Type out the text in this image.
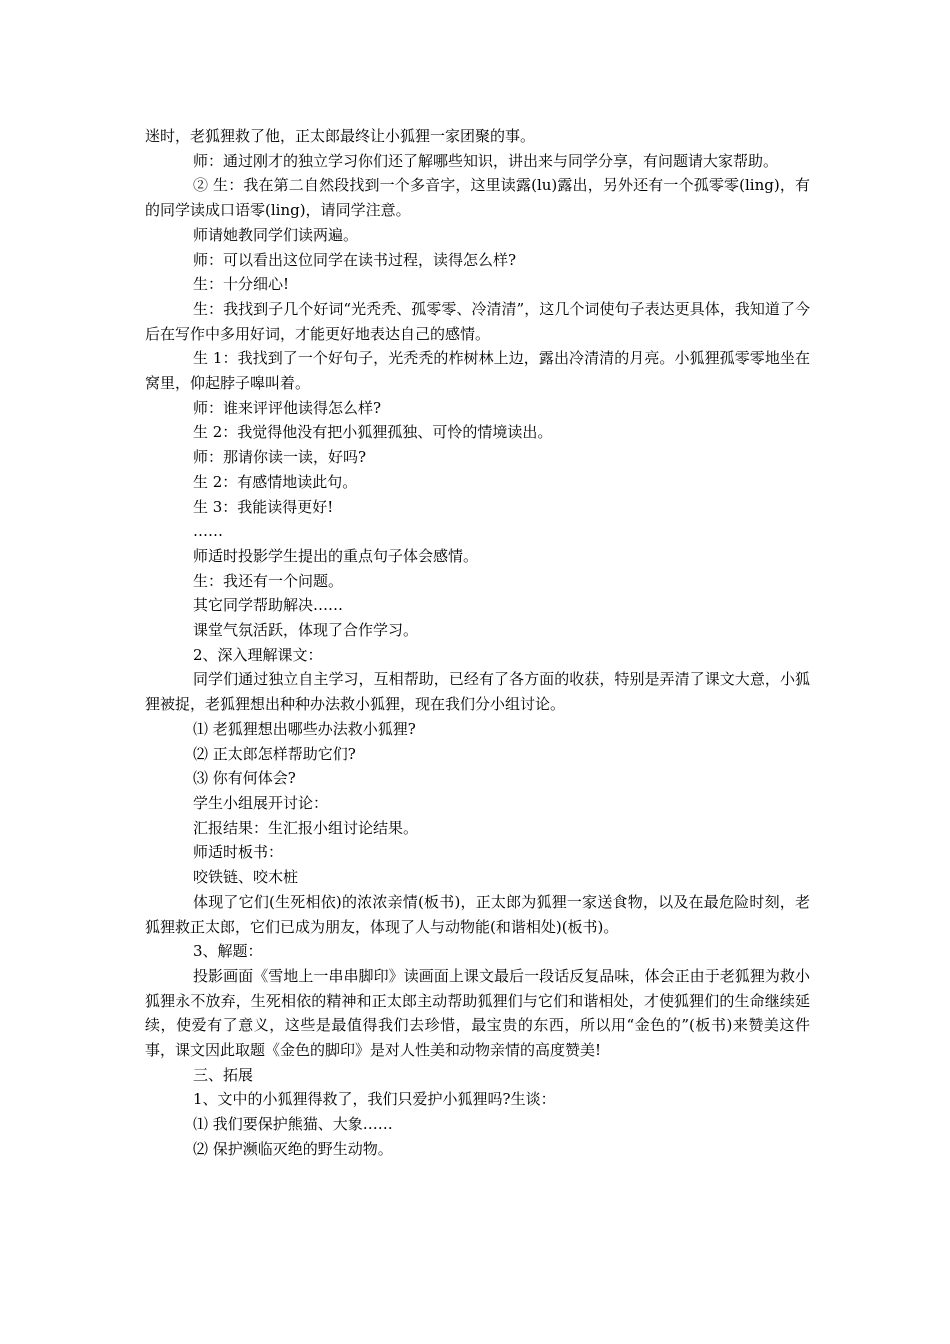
迷时，老狐狸救了他，正太郎最终让小狐狸一家团聚的事。

师：通过刚才的独立学习你们还了解哪些知识，讲出来与同学分享，有问题请大家帮助。

② 生：我在第二自然段找到一个多音字，这里读露(lu)露出，另外还有一个孤零零(ling)，有的同学读成口语零(ling)，请同学注意。

师请她教同学们读两遍。

师：可以看出这位同学在读书过程，读得怎么样?

生：十分细心!

生：我找到子几个好词“光秃秃、孤零零、冷清清”，这几个词使句子表达更具体，我知道了今后在写作中多用好词，才能更好地表达自己的感情。

生 1：我找到了一个好句子，光秃秃的柞树林上边，露出冷清清的月亮。小狐狸孤零零地坐在窝里，仰起脖子嗥叫着。

师：谁来评评他读得怎么样?

生 2：我觉得他没有把小狐狸孤独、可怜的情境读出。

师：那请你读一读，好吗?

生 2：有感情地读此句。

生 3：我能读得更好!

……

师适时投影学生提出的重点句子体会感情。

生：我还有一个问题。

其它同学帮助解决……

课堂气氛活跃，体现了合作学习。

2、深入理解课文：

同学们通过独立自主学习，互相帮助，已经有了各方面的收获，特别是弄清了课文大意，小狐狸被捉，老狐狸想出种种办法救小狐狸，现在我们分小组讨论。

⑴ 老狐狸想出哪些办法救小狐狸?

⑵ 正太郎怎样帮助它们?

⑶ 你有何体会?

学生小组展开讨论：

汇报结果：生汇报小组讨论结果。

师适时板书：

咬铁链、咬木桩

体现了它们(生死相依)的浓浓亲情(板书)，正太郎为狐狸一家送食物，以及在最危险时刻，老狐狸救正太郎，它们已成为朋友，体现了人与动物能(和谐相处)(板书)。

3、解题：

投影画面《雪地上一串串脚印》读画面上课文最后一段话反复品味，体会正由于老狐狸为救小狐狸永不放弃，生死相依的精神和正太郎主动帮助狐狸们与它们和谐相处，才使狐狸们的生命继续延续，使爱有了意义，这些是最值得我们去珍惜，最宝贵的东西，所以用“金色的”(板书)来赞美这件事，课文因此取题《金色的脚印》是对人性美和动物亲情的高度赞美!

三、拓展

1、文中的小狐狸得救了，我们只爱护小狐狸吗?生谈：

⑴ 我们要保护熊猫、大象……

⑵ 保护濒临灭绝的野生动物。
